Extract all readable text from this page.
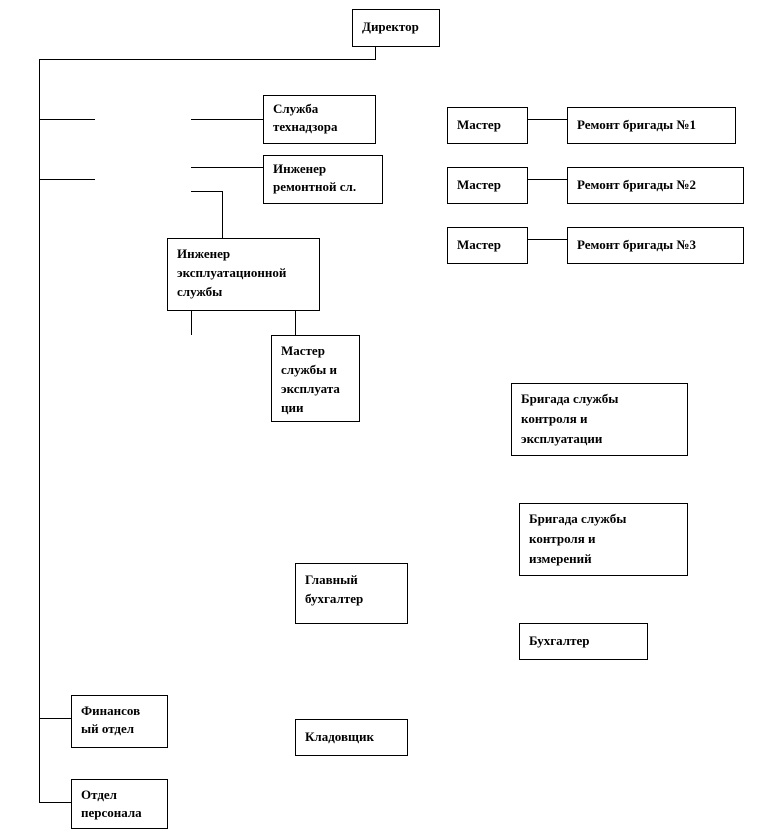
Директор
Служба
технадзора
Инженер
ремонтной сл.
Инженер
эксплуатационной
службы
Мастер
службы и
эксплуата
ции
Мастер
Мастер
Мастер
Ремонт бригады №1
Ремонт бригады №2
Ремонт бригады №3
Бригада службы
контроля и
эксплуатации
Бригада службы
контроля и
измерений
Главный
бухгалтер
Бухгалтер
Финансов
ый отдел
Кладовщик
Отдел
персонала
